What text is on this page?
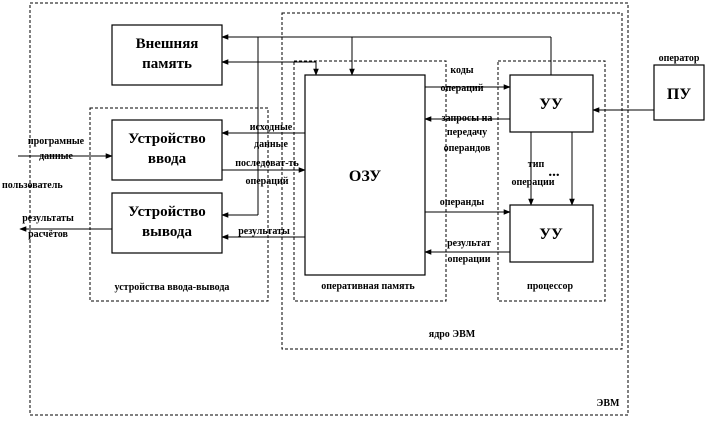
Внешняя
память
Устройство
ввода
Устройство
вывода
ОЗУ
УУ
УУ
ПУ
оператор
програмные
данные
пользователь
результаты
расчётов
исходные
данные
последоват-ть
операций
результаты
коды
операций
запросы на
передачу
операндов
операнды
тип
операции
...
результат
операции
устройства ввода-вывода	оперативная память	процессор
ядро ЭВМ
ЭВМ
